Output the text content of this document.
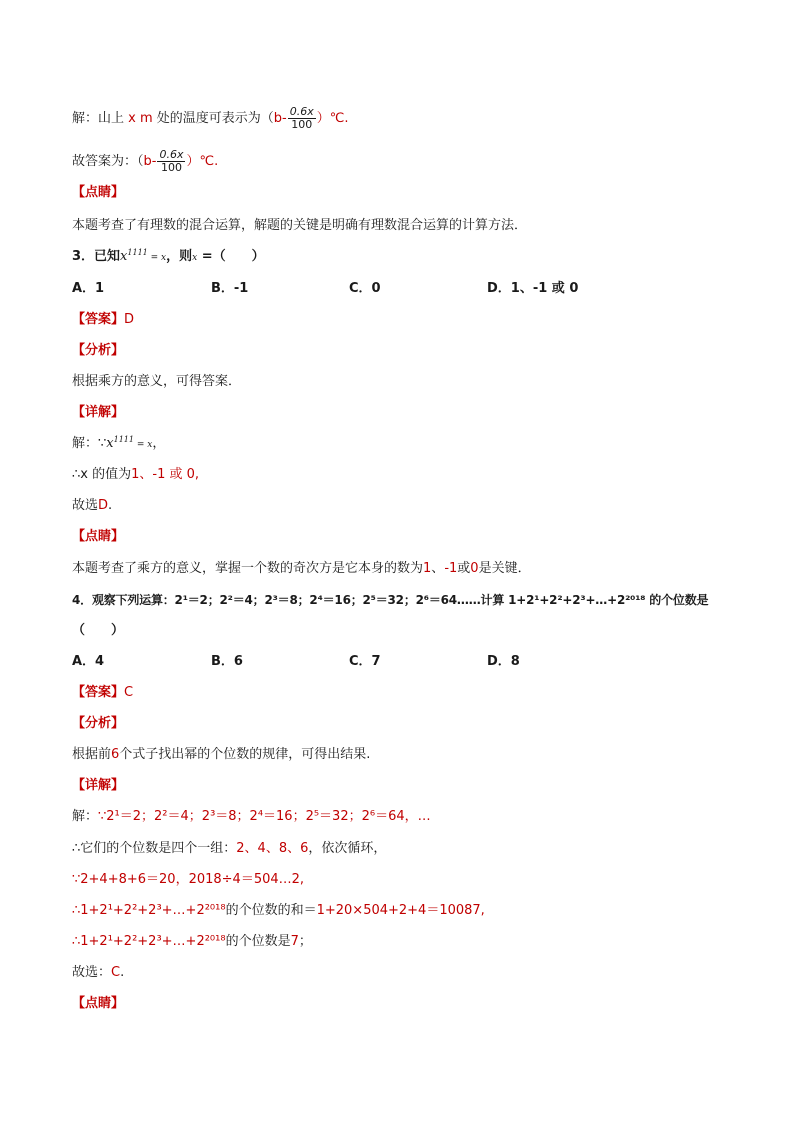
解：山上 x m 处的温度可表示为（$b- \frac{0.6x}{100}$ ）℃.
故答案为：（$b- \frac{0.6x}{100}$ ）℃.
【点睛】
本题考查了有理数的混合运算，解题的关键是明确有理数混合运算的计算方法．
3．已知$x^{1111} = x$，则x =（　　）
A．1	B．-1	C．0	D．1、-1 或 0
【答案】D
【分析】
根据乘方的意义，可得答案．
【详解】
解：$\because x^{1111} = x$，
∴x 的值为1、-1 或 0,
故选D.
【点睛】
本题考查了乘方的意义，掌握一个数的奇次方是它本身的数为1、-1或0是关键．
4．观察下列运算：2¹＝2；2²＝4；2³＝8；2⁴＝16；2⁵＝32；2⁶＝64……计算 1+2¹+2²+2³+…+2²⁰¹⁸ 的个位数是
（　　）
A．4	B．6	C．7	D．8
【答案】C
【分析】
根据前6个式子找出幂的个位数的规律，可得出结果.
【详解】
解：∵2¹＝2；2²＝4；2³＝8；2⁴＝16；2⁵＝32；2⁶＝64，…
∴它们的个位数是四个一组：2、4、8、6，依次循环，
∵2+4+8+6＝20，2018÷4＝504…2,
∴1+2¹+2²+2³+…+2²⁰¹⁸的个位数的和＝1+20×504+2+4＝10087,
∴1+2¹+2²+2³+…+2²⁰¹⁸的个位数是7；
故选：C.
【点睛】
